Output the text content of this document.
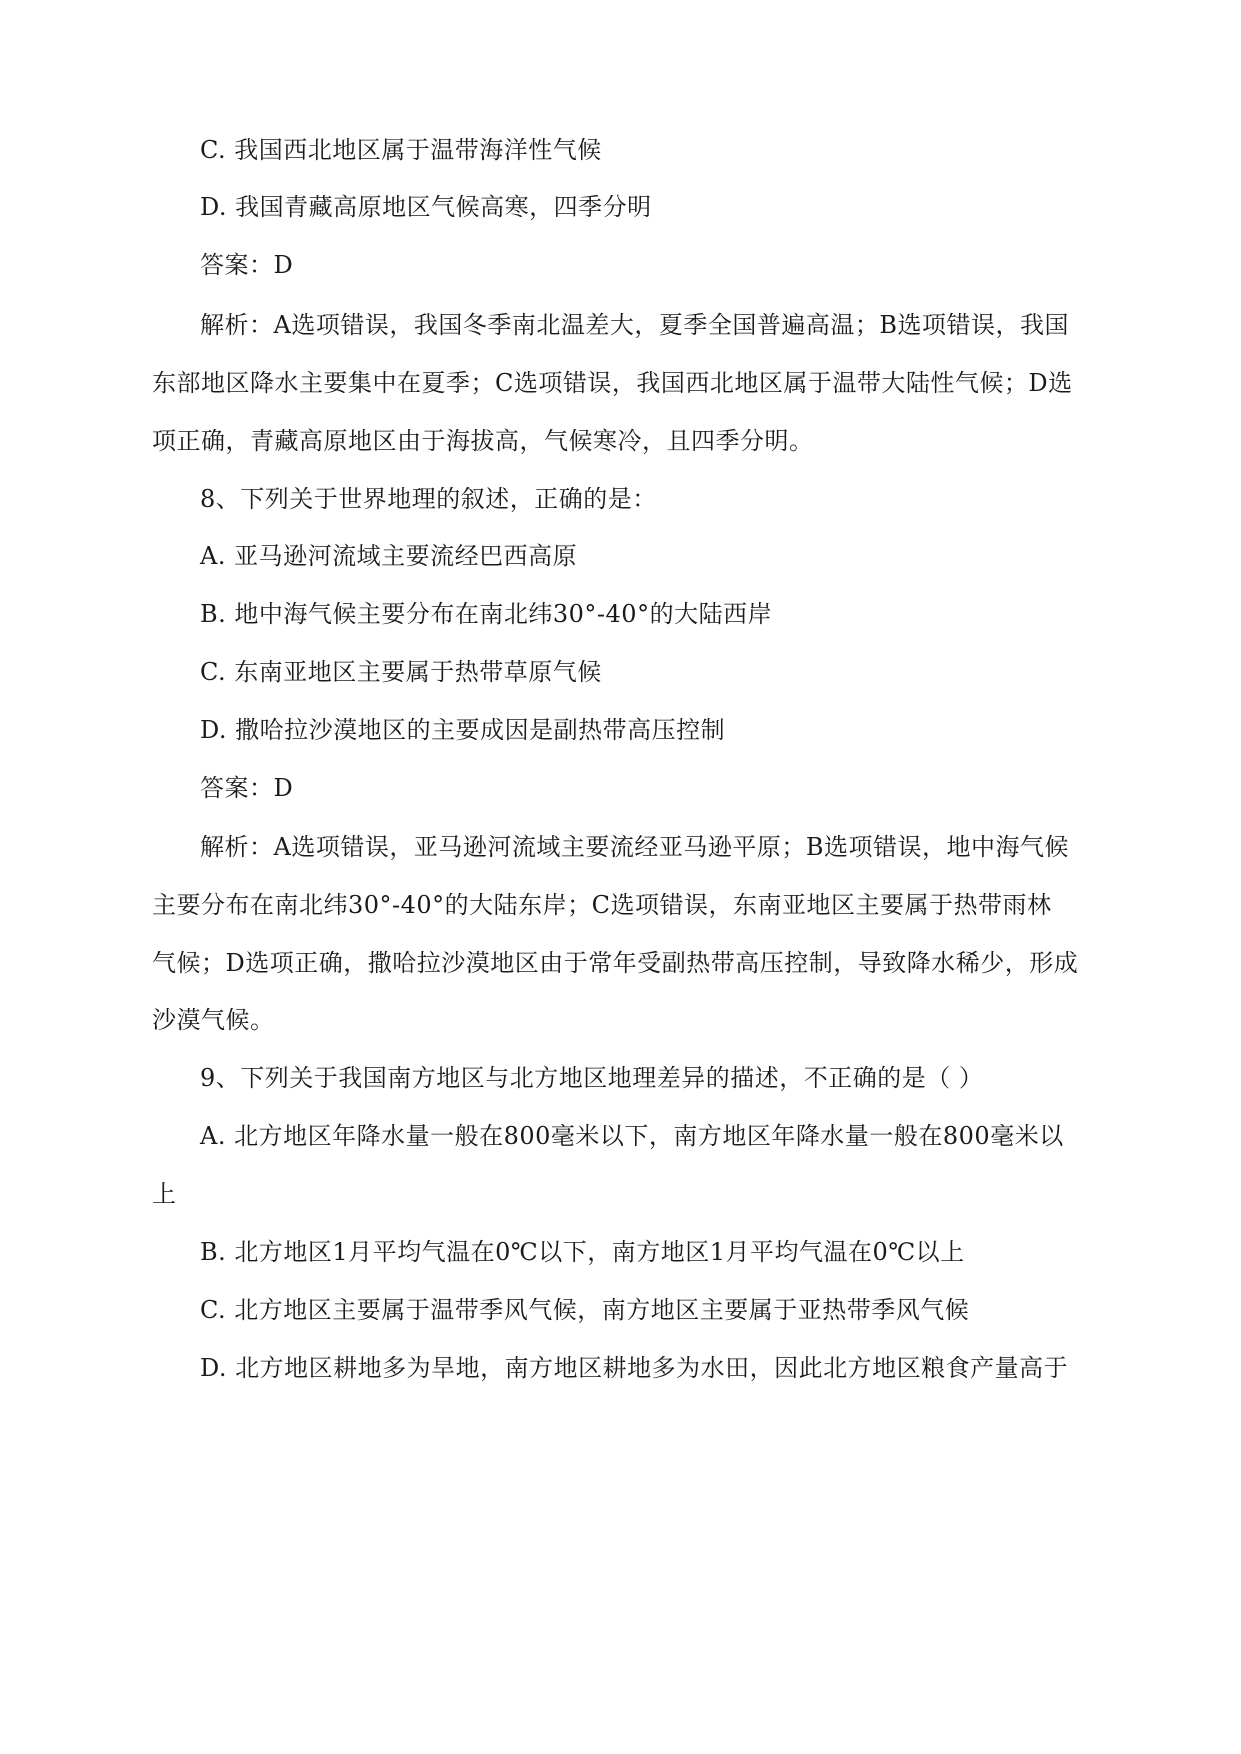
C. 我国西北地区属于温带海洋性气候
D. 我国青藏高原地区气候高寒，四季分明
答案：D
解析：A选项错误，我国冬季南北温差大，夏季全国普遍高温；B选项错误，我国
东部地区降水主要集中在夏季；C选项错误，我国西北地区属于温带大陆性气候；D选
项正确，青藏高原地区由于海拔高，气候寒冷，且四季分明。
8、下列关于世界地理的叙述，正确的是：
A. 亚马逊河流域主要流经巴西高原
B. 地中海气候主要分布在南北纬30°-40°的大陆西岸
C. 东南亚地区主要属于热带草原气候
D. 撒哈拉沙漠地区的主要成因是副热带高压控制
答案：D
解析：A选项错误，亚马逊河流域主要流经亚马逊平原；B选项错误，地中海气候
主要分布在南北纬30°-40°的大陆东岸；C选项错误，东南亚地区主要属于热带雨林
气候；D选项正确，撒哈拉沙漠地区由于常年受副热带高压控制，导致降水稀少，形成
沙漠气候。
9、下列关于我国南方地区与北方地区地理差异的描述，不正确的是（ ）
A. 北方地区年降水量一般在800毫米以下，南方地区年降水量一般在800毫米以
上
B. 北方地区1月平均气温在0℃以下，南方地区1月平均气温在0℃以上
C. 北方地区主要属于温带季风气候，南方地区主要属于亚热带季风气候
D. 北方地区耕地多为旱地，南方地区耕地多为水田，因此北方地区粮食产量高于
